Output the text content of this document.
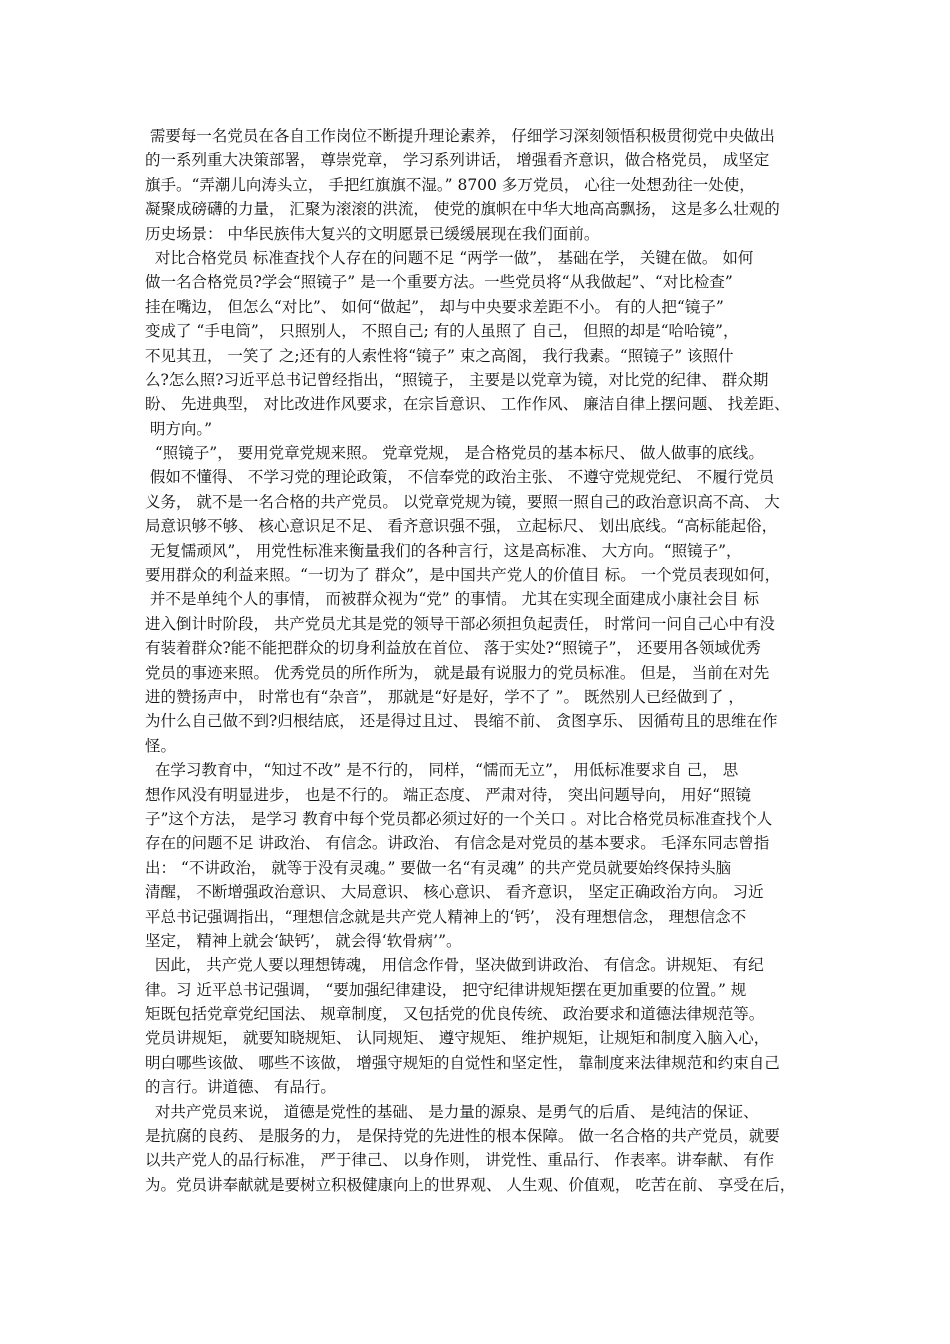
需要每一名党员在各自工作岗位不断提升理论素养， 仔细学习深刻领悟积极贯彻党中央做出
的一系列重大决策部署， 尊崇党章， 学习系列讲话， 增强看齐意识，做合格党员， 成坚定
旗手。“弄潮儿向涛头立， 手把红旗旗不湿。” 8700 多万党员， 心往一处想劲往一处使，
凝聚成磅礴的力量， 汇聚为滚滚的洪流， 使党的旗帜在中华大地高高飘扬， 这是多么壮观的
历史场景： 中华民族伟大复兴的文明愿景已缓缓展现在我们面前。
对比合格党员 标准查找个人存在的问题不足 “两学一做”， 基础在学， 关键在做。 如何
做一名合格党员?学会“照镜子” 是一个重要方法。一些党员将“从我做起”、“对比检查”
挂在嘴边， 但怎么“对比”、 如何“做起”， 却与中央要求差距不小。 有的人把“镜子”
变成了 “手电筒”， 只照别人， 不照自己; 有的人虽照了 自己， 但照的却是“哈哈镜”，
不见其丑， 一笑了 之;还有的人索性将“镜子” 束之高阁， 我行我素。“照镜子” 该照什
么?怎么照?习近平总书记曾经指出，“照镜子， 主要是以党章为镜，对比党的纪律、 群众期
盼、 先进典型， 对比改进作风要求，在宗旨意识、 工作作风、 廉洁自律上摆问题、 找差距、
明方向。”
“照镜子”， 要用党章党规来照。 党章党规， 是合格党员的基本标尺、 做人做事的底线。
假如不懂得、 不学习党的理论政策， 不信奉党的政治主张、 不遵守党规党纪、 不履行党员
义务， 就不是一名合格的共产党员。 以党章党规为镜，要照一照自己的政治意识高不高、 大
局意识够不够、 核心意识足不足、 看齐意识强不强， 立起标尺、 划出底线。“高标能起俗，
无复懦顽风”， 用党性标准来衡量我们的各种言行，这是高标准、 大方向。“照镜子”，
要用群众的利益来照。“一切为了 群众”，是中国共产党人的价值目 标。 一个党员表现如何，
并不是单纯个人的事情， 而被群众视为“党” 的事情。 尤其在实现全面建成小康社会目 标
进入倒计时阶段， 共产党员尤其是党的领导干部必须担负起责任， 时常问一问自己心中有没
有装着群众?能不能把群众的切身利益放在首位、 落于实处?“照镜子”， 还要用各领域优秀
党员的事迹来照。 优秀党员的所作所为， 就是最有说服力的党员标准。 但是， 当前在对先
进的赞扬声中， 时常也有“杂音”， 那就是“好是好，学不了 ”。 既然别人已经做到了 ，
为什么自己做不到?归根结底， 还是得过且过、 畏缩不前、 贪图享乐、 因循苟且的思维在作
怪。
在学习教育中，“知过不改” 是不行的， 同样，“懦而无立”， 用低标准要求自 己， 思
想作风没有明显进步， 也是不行的。 端正态度、 严肃对待， 突出问题导向， 用好“照镜
子”这个方法， 是学习 教育中每个党员都必须过好的一个关口 。对比合格党员标准查找个人
存在的问题不足 讲政治、 有信念。讲政治、 有信念是对党员的基本要求。 毛泽东同志曾指
出： “不讲政治， 就等于没有灵魂。” 要做一名“有灵魂” 的共产党员就要始终保持头脑
清醒， 不断增强政治意识、 大局意识、 核心意识、 看齐意识， 坚定正确政治方向。 习近
平总书记强调指出，“理想信念就是共产党人精神上的‘钙’， 没有理想信念， 理想信念不
坚定， 精神上就会‘缺钙’， 就会得‘软骨病’”。
因此， 共产党人要以理想铸魂， 用信念作骨，坚决做到讲政治、 有信念。讲规矩、 有纪
律。习 近平总书记强调， “要加强纪律建设， 把守纪律讲规矩摆在更加重要的位置。” 规
矩既包括党章党纪国法、 规章制度， 又包括党的优良传统、 政治要求和道德法律规范等。
党员讲规矩， 就要知晓规矩、 认同规矩、 遵守规矩、 维护规矩，让规矩和制度入脑入心，
明白哪些该做、 哪些不该做， 增强守规矩的自觉性和坚定性， 靠制度来法律规范和约束自己
的言行。讲道德、 有品行。
对共产党员来说， 道德是党性的基础、 是力量的源泉、是勇气的后盾、 是纯洁的保证、
是抗腐的良药、 是服务的力， 是保持党的先进性的根本保障。 做一名合格的共产党员，就要
以共产党人的品行标准， 严于律己、 以身作则， 讲党性、重品行、 作表率。讲奉献、 有作
为。党员讲奉献就是要树立积极健康向上的世界观、 人生观、价值观， 吃苦在前、 享受在后，
